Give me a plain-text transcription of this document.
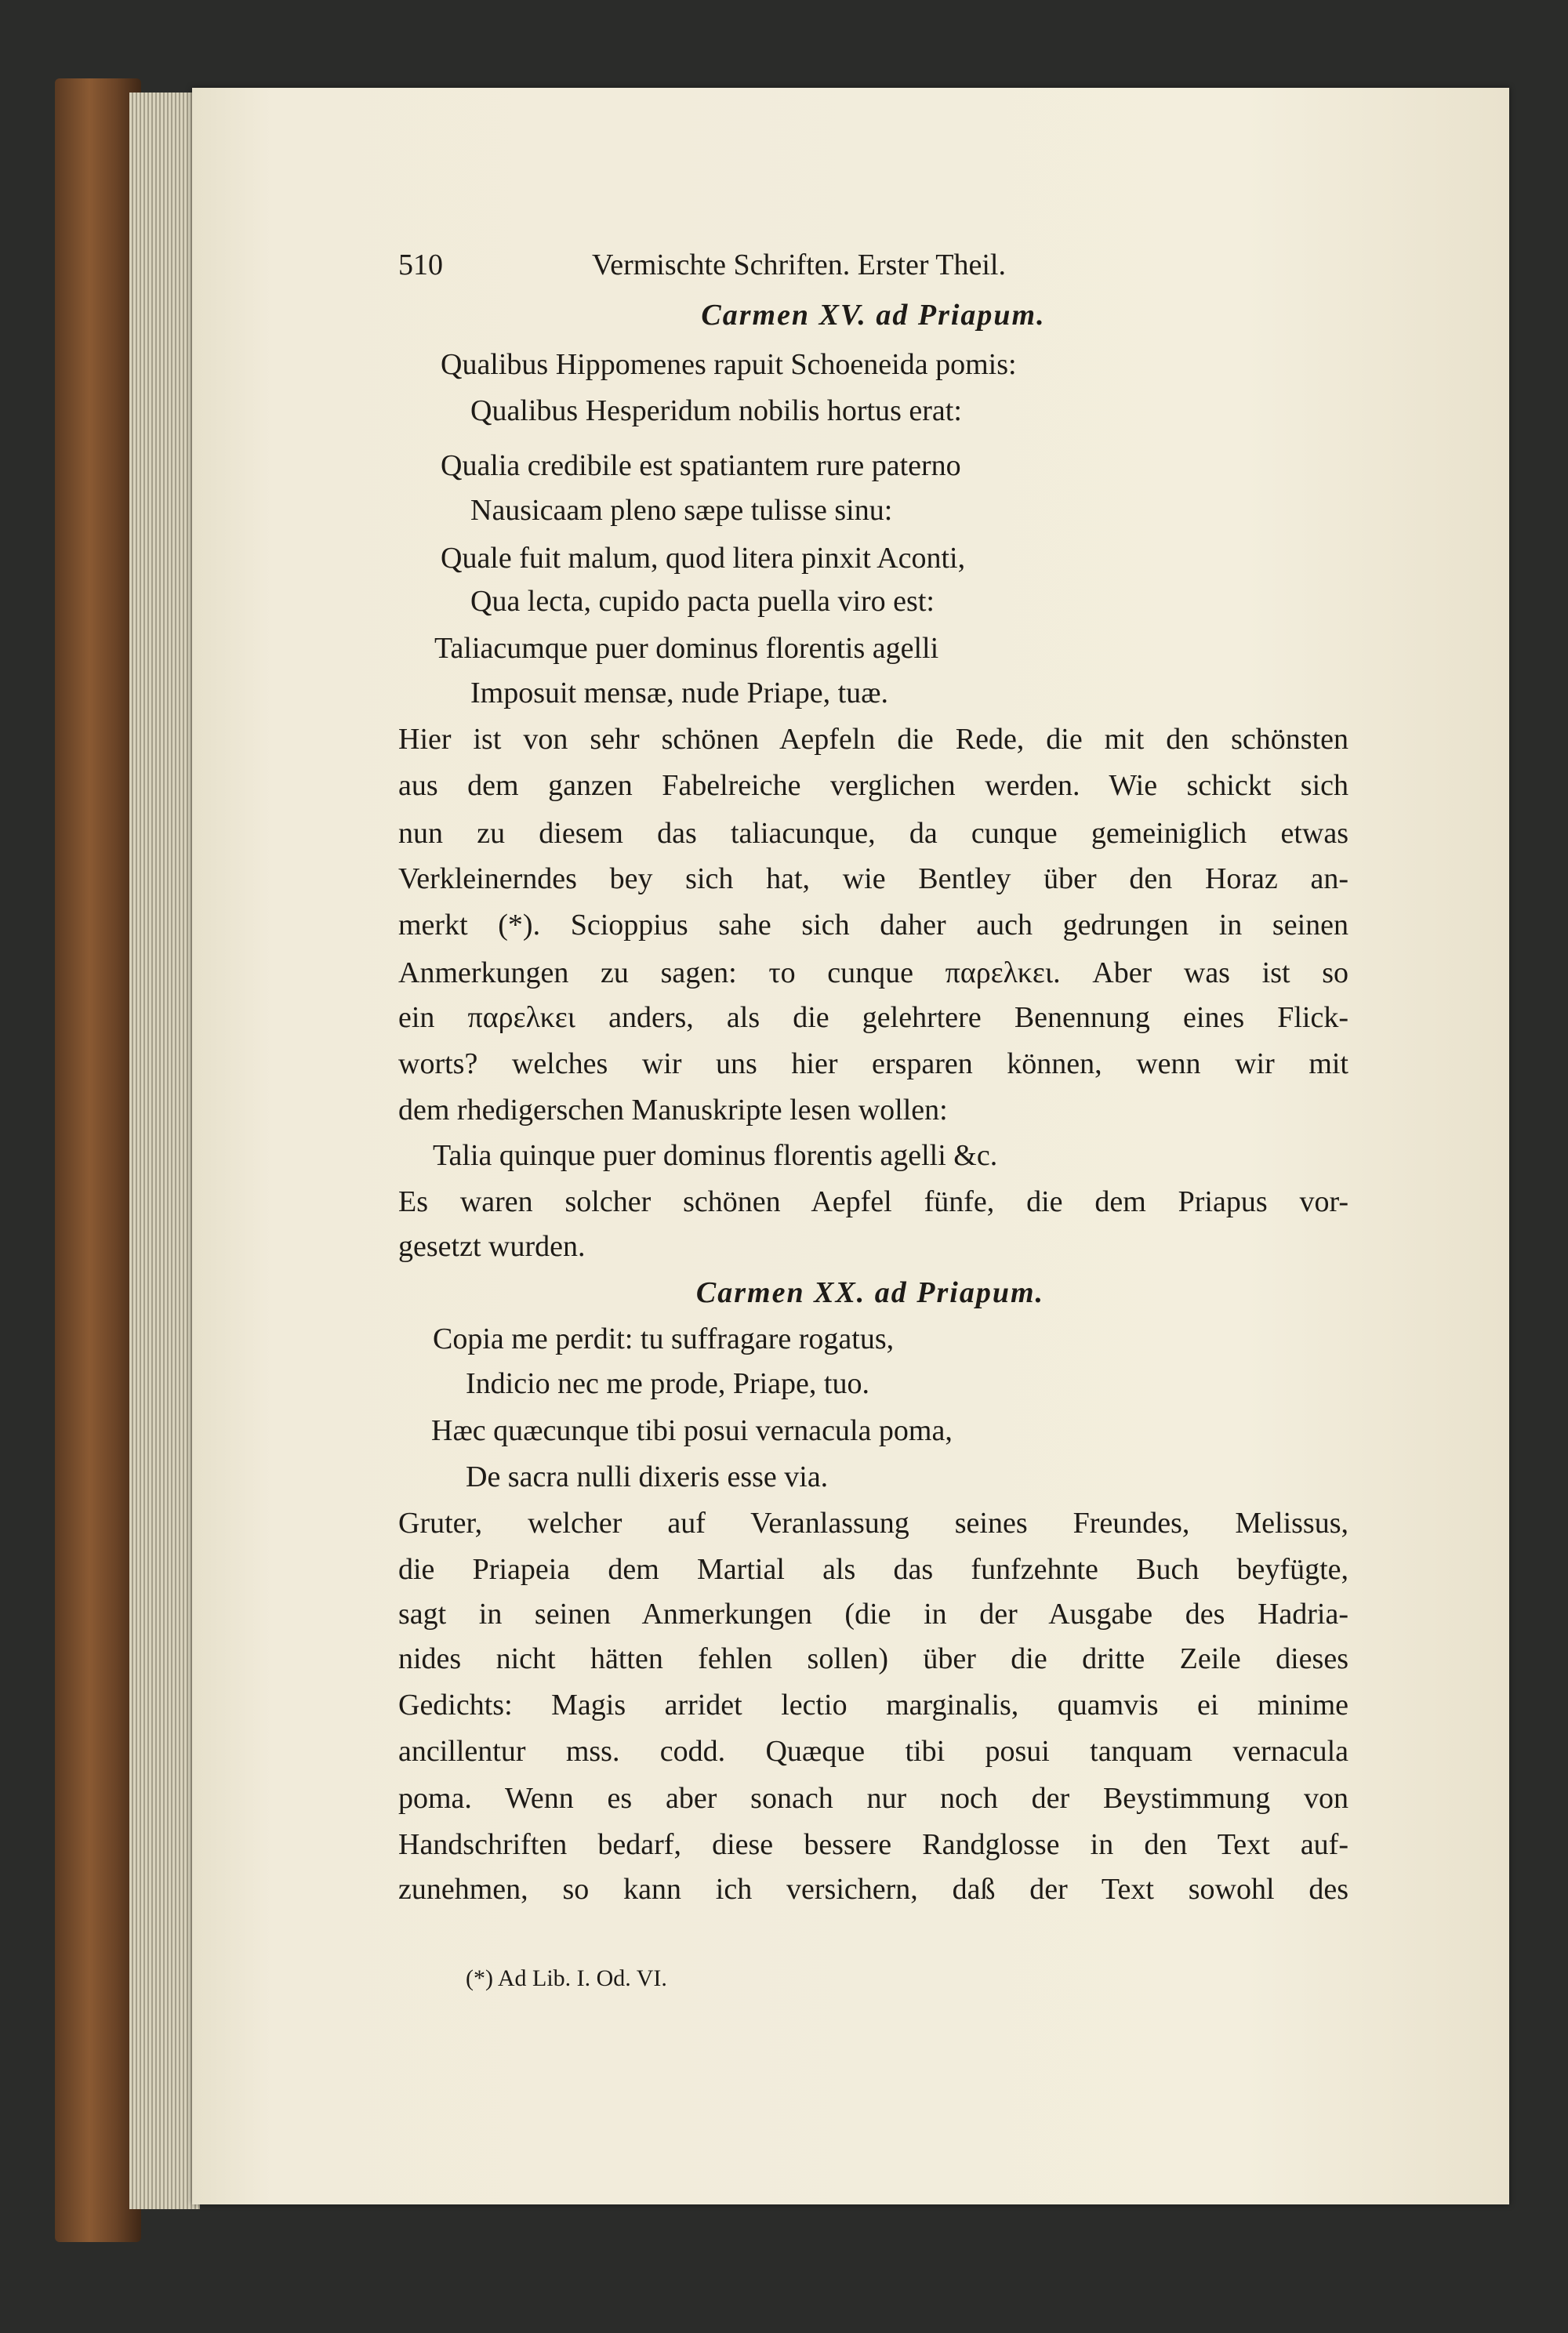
510	Vermischte Schriften. Erster Theil.
Carmen XV. ad Priapum.
Qualibus Hippomenes rapuit Schoeneida pomis:
Qualibus Hesperidum nobilis hortus erat:
Qualia credibile est spatiantem rure paterno
Nausicaam pleno sæpe tulisse sinu:
Quale fuit malum, quod litera pinxit Aconti,
Qua lecta, cupido pacta puella viro est:
Taliacumque puer dominus florentis agelli
Imposuit mensæ, nude Priape, tuæ.
Hier ist von sehr schönen Aepfeln die Rede, die mit den schönsten
aus dem ganzen Fabelreiche verglichen werden. Wie schickt sich
nun zu diesem das taliacunque, da cunque gemeiniglich etwas
Verkleinerndes bey sich hat, wie Bentley über den Horaz an-
merkt (*). Scioppius sahe sich daher auch gedrungen in seinen
Anmerkungen zu sagen: το cunque παρελκει. Aber was ist so
ein παρελκει anders, als die gelehrtere Benennung eines Flick-
worts? welches wir uns hier ersparen können, wenn wir mit
dem rhedigerschen Manuskripte lesen wollen:
Talia quinque puer dominus florentis agelli &c.
Es waren solcher schönen Aepfel fünfe, die dem Priapus vor-
gesetzt wurden.
Carmen XX. ad Priapum.
Copia me perdit: tu suffragare rogatus,
Indicio nec me prode, Priape, tuo.
Hæc quæcunque tibi posui vernacula poma,
De sacra nulli dixeris esse via.
Gruter, welcher auf Veranlassung seines Freundes, Melissus,
die Priapeia dem Martial als das funfzehnte Buch beyfügte,
sagt in seinen Anmerkungen (die in der Ausgabe des Hadria-
nides nicht hätten fehlen sollen) über die dritte Zeile dieses
Gedichts: Magis arridet lectio marginalis, quamvis ei minime
ancillentur mss. codd. Quæque tibi posui tanquam vernacula
poma. Wenn es aber sonach nur noch der Beystimmung von
Handschriften bedarf, diese bessere Randglosse in den Text auf-
zunehmen, so kann ich versichern, daß der Text sowohl des
(*) Ad Lib. I. Od. VI.
